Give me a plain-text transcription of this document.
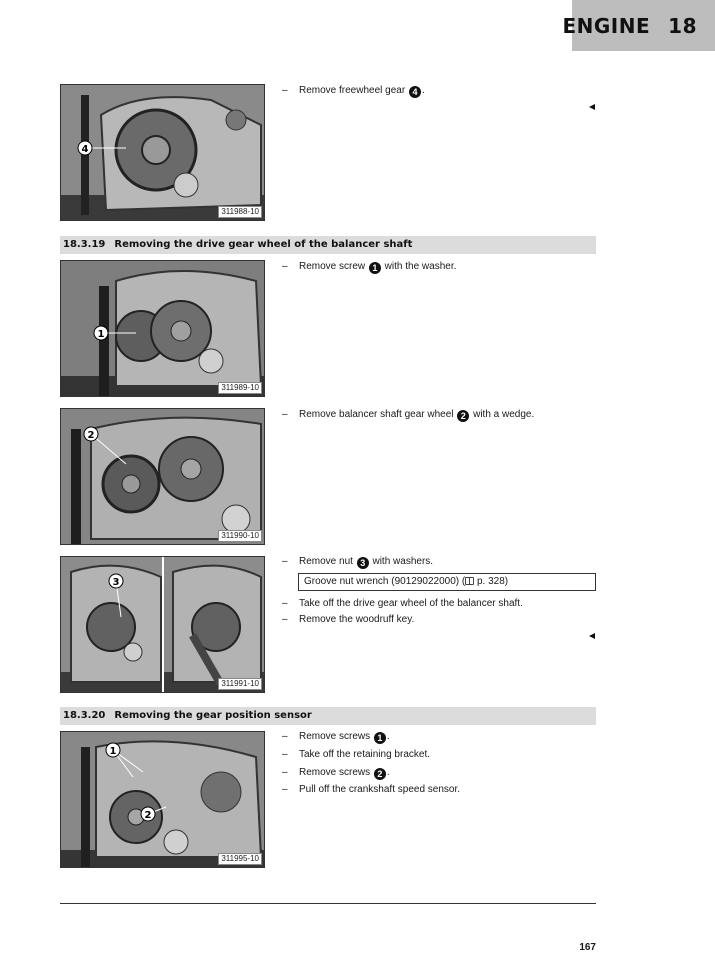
ENGINE 18
4
311988-10
– Remove freewheel gear 4 .
18.3.19 Removing the drive gear wheel of the balancer shaft
1
311989-10
– Remove screw 1 with the washer.
2
311990-10
– Remove balancer shaft gear wheel 2 with a wedge.
3
311991-10
– Remove nut 3 with washers.
Groove nut wrench (90129022000) ( p. 328)
– Take off the drive gear wheel of the balancer shaft.
– Remove the woodruff key.
18.3.20 Removing the gear position sensor
1
2
311995-10
– Remove screws 1 .
– Take off the retaining bracket.
– Remove screws 2 .
– Pull off the crankshaft speed sensor.
167
